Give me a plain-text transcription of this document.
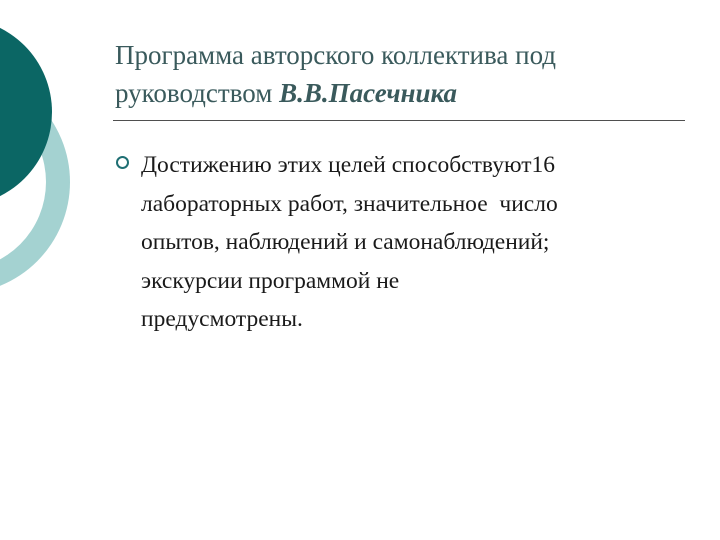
Программа авторского коллектива под
руководством В.В.Пасечника
Достижению этих целей способствуют16
лабораторных работ, значительное  число
опытов, наблюдений и самонаблюдений;
экскурсии программой не
предусмотрены.
